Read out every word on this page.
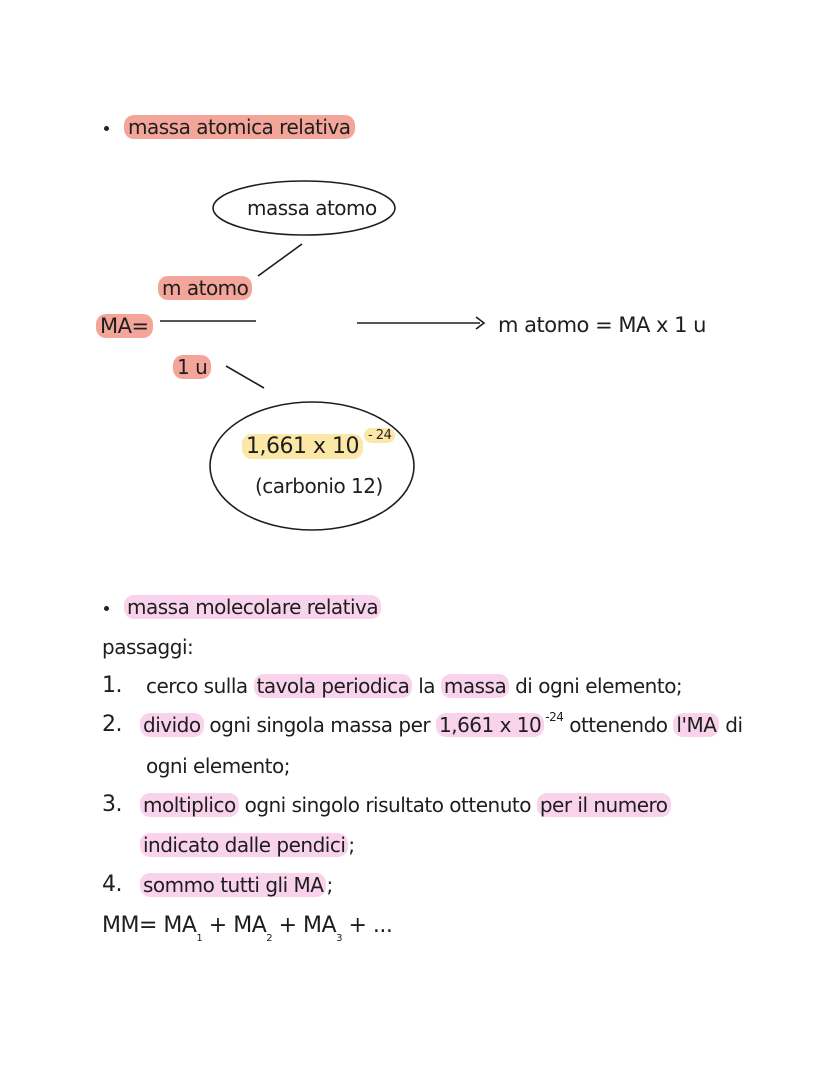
massa atomica relativa
massa atomo
m atomo
MA=
1 u
m atomo = MA x 1 u
1,661 x 10 $^{- 24}$
(carbonio 12)
massa molecolare relativa
passaggi:
1. cerco sulla tavola periodica la massa di ogni elemento;
2. divido ogni singola massa per 1,661 x 10 $^{-24}$ ottenendo l'MA di
ogni elemento;
3. moltiplico ogni singolo risultato ottenuto per il numero
indicato dalle pendici ;
4. sommo tutti gli MA ;
$MM= MA_1 + MA_2 + MA_3$ + ...
